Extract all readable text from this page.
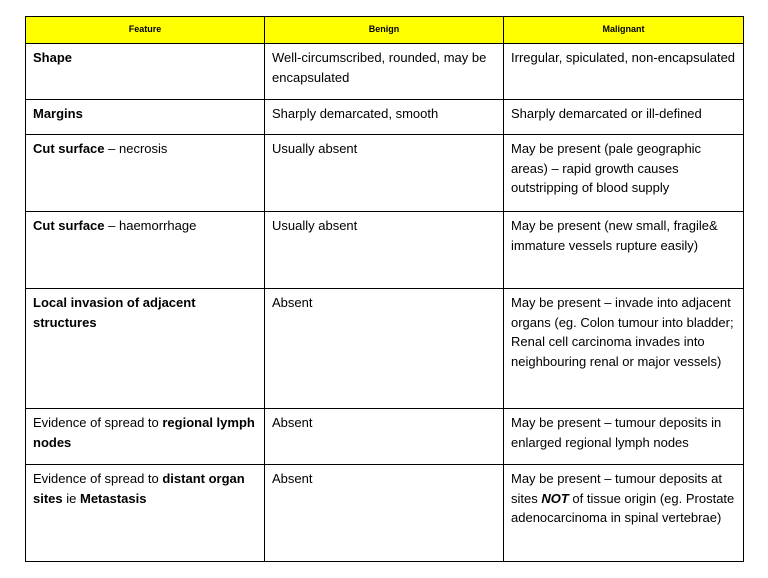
Feature	Benign	Malignant
Shape	Well-circumscribed, rounded, may be encapsulated	Irregular, spiculated, non-encapsulated
Margins	Sharply demarcated, smooth	Sharply demarcated or ill-defined
Cut surface – necrosis	Usually absent	May be present (pale geographic areas) – rapid growth causes outstripping of blood supply
Cut surface – haemorrhage	Usually absent	May be present (new small, fragile& immature vessels rupture easily)
Local invasion of adjacent structures	Absent	May be present – invade into adjacent organs (eg. Colon tumour into bladder; Renal cell carcinoma invades into neighbouring renal or major vessels)
Evidence of spread to regional lymph nodes	Absent	May be present – tumour deposits in enlarged regional lymph nodes
Evidence of spread to distant organ sites ie Metastasis	Absent	May be present – tumour deposits at sites NOT of tissue origin (eg. Prostate adenocarcinoma in spinal vertebrae)
